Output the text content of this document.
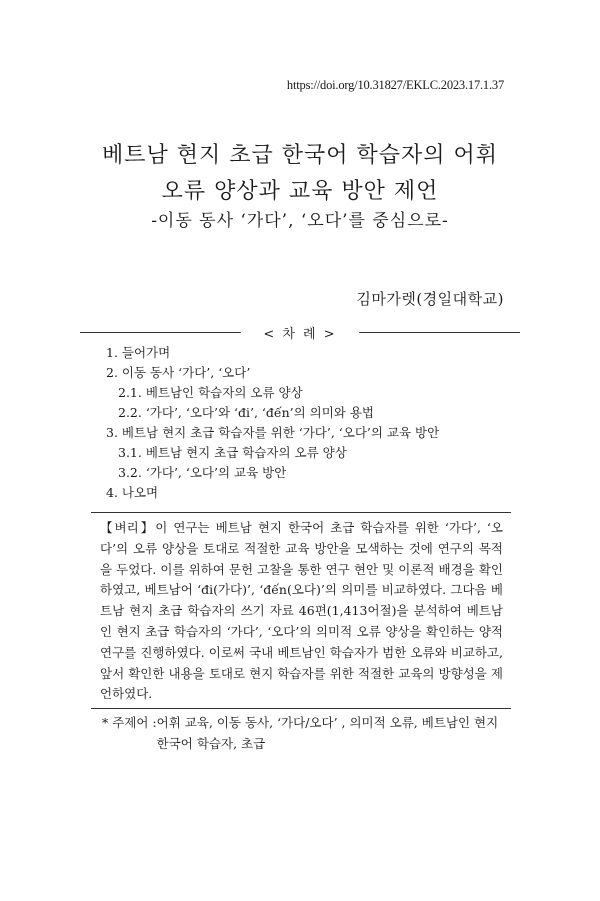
https://doi.org/10.31827/EKLC.2023.17.1.37
베트남 현지 초급 한국어 학습자의 어휘
오류 양상과 교육 방안 제언
-이동 동사 ‘가다’, ‘오다’를 중심으로-
김마가렛(경일대학교)
< 차 례 >
1. 들어가며
2. 이동 동사 ‘가다’, ‘오다’
2.1. 베트남인 학습자의 오류 양상
2.2. ‘가다’, ‘오다’와 ‘đi’, ‘đến’의 의미와 용법
3. 베트남 현지 초급 학습자를 위한 ‘가다’, ‘오다’의 교육 방안
3.1. 베트남 현지 초급 학습자의 오류 양상
3.2. ‘가다’, ‘오다’의 교육 방안
4. 나오며

【벼리】이 연구는 베트남 현지 한국어 초급 학습자를 위한 ‘가다’, ‘오다’의 오류 양상을 토대로 적절한 교육 방안을 모색하는 것에 연구의 목적을 두었다. 이를 위하여 문헌 고찰을 통한 연구 현안 및 이론적 배경을 확인하였고, 베트남어 ‘đi(가다)’, ‘đến(오다)’의 의미를 비교하였다. 그다음 베트남 현지 초급 학습자의 쓰기 자료 46편(1,413어절)을 분석하여 베트남인 현지 초급 학습자의 ‘가다’, ‘오다’의 의미적 오류 양상을 확인하는 양적 연구를 진행하였다. 이로써 국내 베트남인 학습자가 범한 오류와 비교하고, 앞서 확인한 내용을 토대로 현지 학습자를 위한 적절한 교육의 방향성을 제언하였다.

* 주제어 : 어휘 교육, 이동 동사, ‘가다/오다’ , 의미적 오류, 베트남인 현지 한국어 학습자, 초급
